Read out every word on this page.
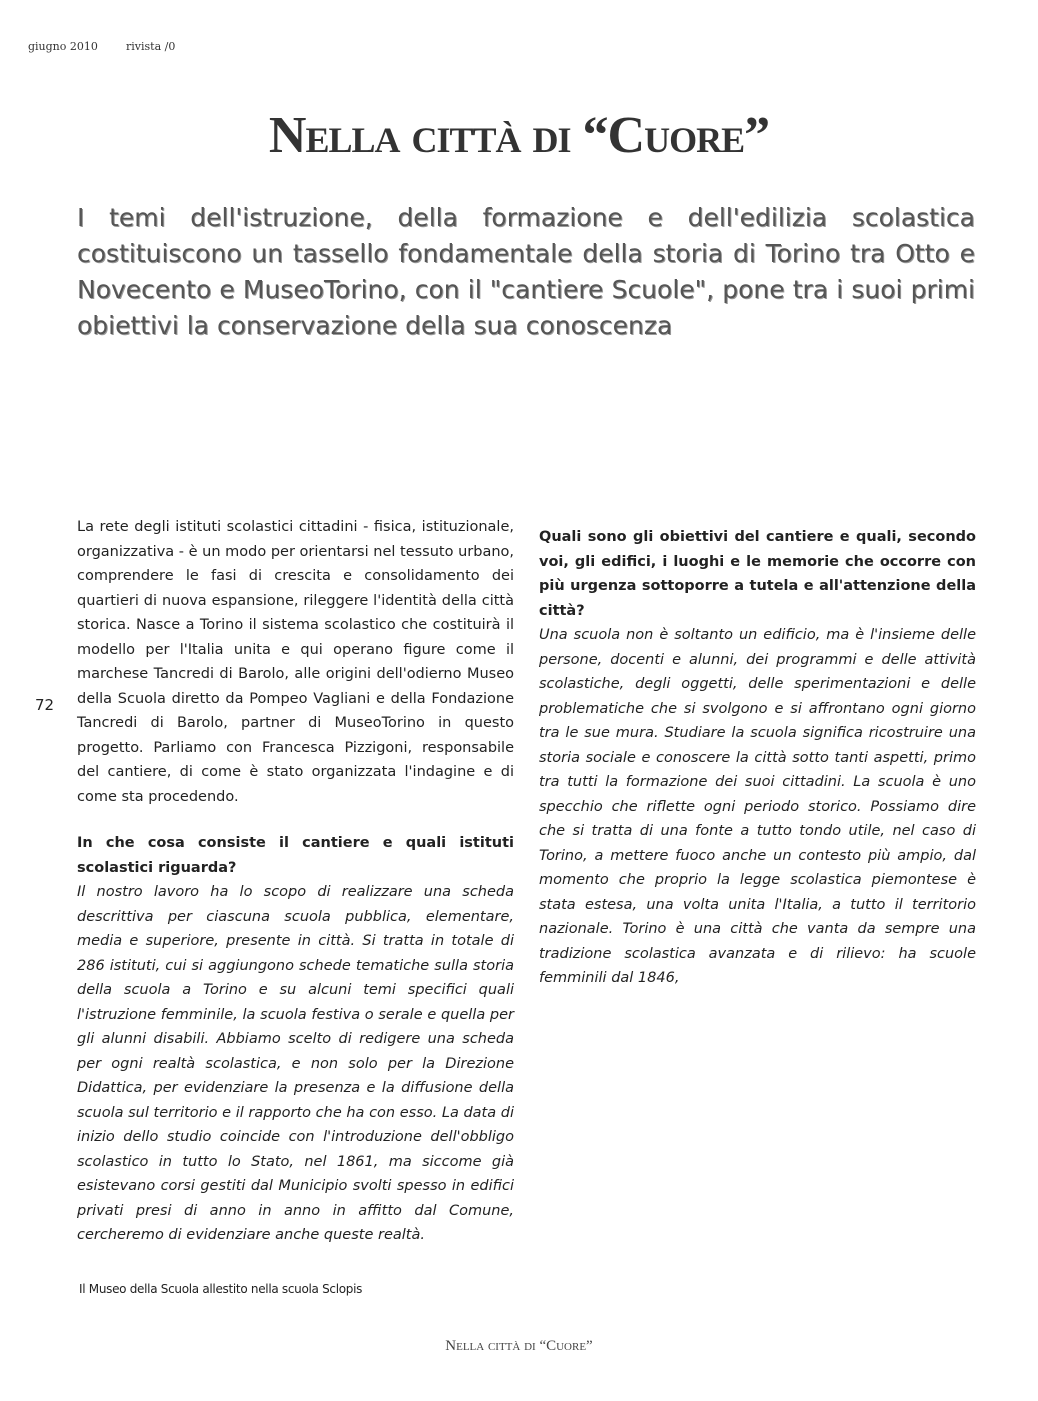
giugno 2010	rivista /0
Nella città di “Cuore”
I temi dell'istruzione, della formazione e dell'edilizia scolastica costituiscono un tassello fondamentale della storia di Torino tra Otto e Novecento e MuseoTorino, con il "cantiere Scuole", pone tra i suoi primi obiettivi la conservazione della sua conoscenza
72

La rete degli istituti scolastici cittadini - fisica, istituzionale, organizzativa - è un modo per orientarsi nel tessuto urbano, comprendere le fasi di crescita e consolidamento dei quartieri di nuova espansione, rileggere l'identità della città storica. Nasce a Torino il sistema scolastico che costituirà il modello per l'Italia unita e qui operano figure come il marchese Tancredi di Barolo, alle origini dell'odierno Museo della Scuola diretto da Pompeo Vagliani e della Fondazione Tancredi di Barolo, partner di MuseoTorino in questo progetto. Parliamo con Francesca Pizzigoni, responsabile del cantiere, di come è stato organizzata l'indagine e di come sta procedendo.

In che cosa consiste il cantiere e quali istituti scolastici riguarda?

Il nostro lavoro ha lo scopo di realizzare una scheda descrittiva per ciascuna scuola pubblica, elementare, media e superiore, presente in città. Si tratta in totale di 286 istituti, cui si aggiungono schede tematiche sulla storia della scuola a Torino e su alcuni temi specifici quali l'istruzione femminile, la scuola festiva o serale e quella per gli alunni disabili. Abbiamo scelto di redigere una scheda per ogni realtà scolastica, e non solo per la Direzione Didattica, per evidenziare la presenza e la diffusione della scuola sul territorio e il rapporto che ha con esso. La data di inizio dello studio coincide con l'introduzione dell'obbligo scolastico in tutto lo Stato, nel 1861, ma siccome già esistevano corsi gestiti dal Municipio svolti spesso in edifici privati presi di anno in anno in affitto dal Comune, cercheremo di evidenziare anche queste realtà.

Quali sono gli obiettivi del cantiere e quali, secondo voi, gli edifici, i luoghi e le memorie che occorre con più urgenza sottoporre a tutela e all'attenzione della città?

Una scuola non è soltanto un edificio, ma è l'insieme delle persone, docenti e alunni, dei programmi e delle attività scolastiche, degli oggetti, delle sperimentazioni e delle problematiche che si svolgono e si affrontano ogni giorno tra le sue mura. Studiare la scuola significa ricostruire una storia sociale e conoscere la città sotto tanti aspetti, primo tra tutti la formazione dei suoi cittadini. La scuola è uno specchio che riflette ogni periodo storico. Possiamo dire che si tratta di una fonte a tutto tondo utile, nel caso di Torino, a mettere fuoco anche un contesto più ampio, dal momento che proprio la legge scolastica piemontese è stata estesa, una volta unita l'Italia, a tutto il territorio nazionale. Torino è una città che vanta da sempre una tradizione scolastica avanzata e di rilievo: ha scuole femminili dal 1846,

Il Museo della Scuola allestito nella scuola Sclopis
Nella città di “Cuore”
